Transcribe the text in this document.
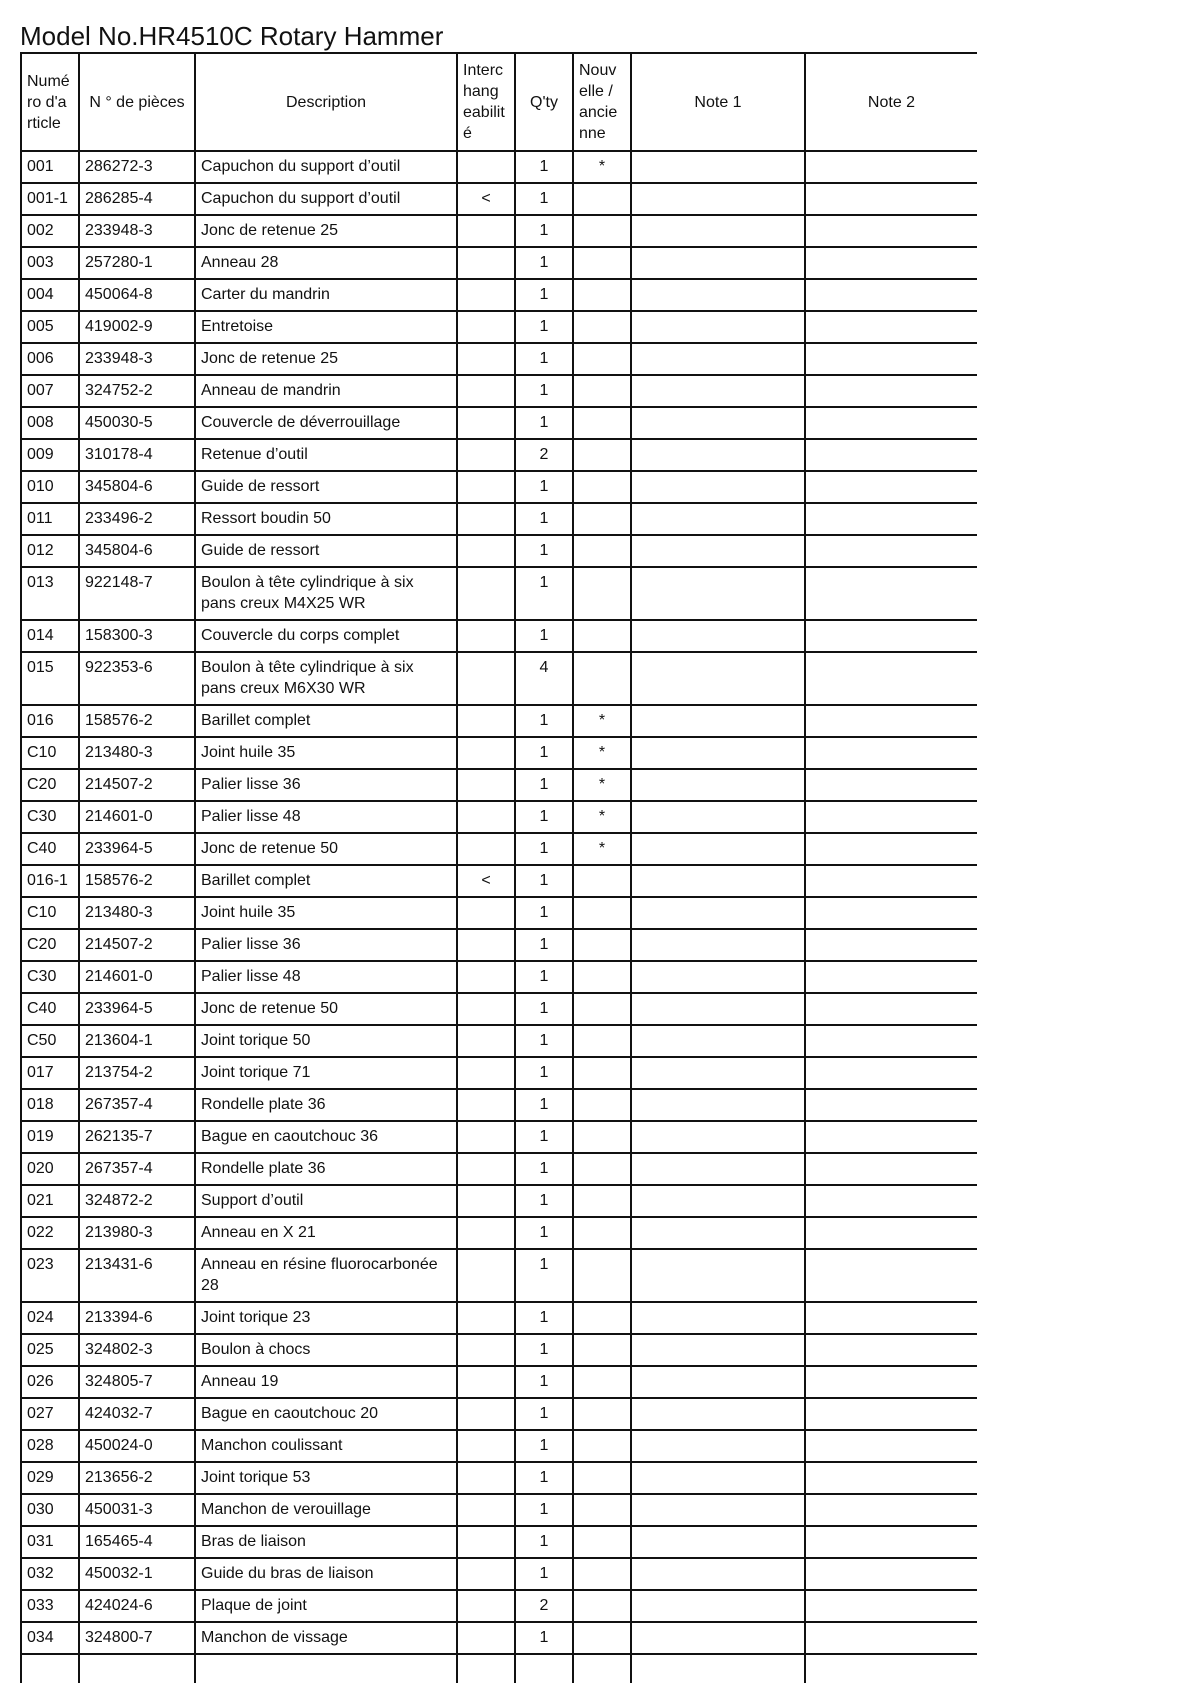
Model No.HR4510C Rotary Hammer
Numé ro d'a rticle	N ° de pièces	Description	Interc hang eabilit é	Q'ty	Nouv elle / ancie nne	Note 1	Note 2
001	286272-3	Capuchon du support d’outil		1	*		
001-1	286285-4	Capuchon du support d’outil	<	1			
002	233948-3	Jonc de retenue 25		1			
003	257280-1	Anneau 28		1			
004	450064-8	Carter du mandrin		1			
005	419002-9	Entretoise		1			
006	233948-3	Jonc de retenue 25		1			
007	324752-2	Anneau de mandrin		1			
008	450030-5	Couvercle de déverrouillage		1			
009	310178-4	Retenue d’outil		2			
010	345804-6	Guide de ressort		1			
011	233496-2	Ressort boudin 50		1			
012	345804-6	Guide de ressort		1			
013	922148-7	Boulon à tête cylindrique à six pans creux M4X25 WR		1			
014	158300-3	Couvercle du corps complet		1			
015	922353-6	Boulon à tête cylindrique à six pans creux M6X30 WR		4			
016	158576-2	Barillet complet		1	*		
C10	213480-3	Joint huile 35		1	*		
C20	214507-2	Palier lisse 36		1	*		
C30	214601-0	Palier lisse 48		1	*		
C40	233964-5	Jonc de retenue 50		1	*		
016-1	158576-2	Barillet complet	<	1			
C10	213480-3	Joint huile 35		1			
C20	214507-2	Palier lisse 36		1			
C30	214601-0	Palier lisse 48		1			
C40	233964-5	Jonc de retenue 50		1			
C50	213604-1	Joint torique 50		1			
017	213754-2	Joint torique 71		1			
018	267357-4	Rondelle plate 36		1			
019	262135-7	Bague en caoutchouc 36		1			
020	267357-4	Rondelle plate 36		1			
021	324872-2	Support d’outil		1			
022	213980-3	Anneau en X 21		1			
023	213431-6	Anneau en résine fluorocarbonée 28		1			
024	213394-6	Joint torique 23		1			
025	324802-3	Boulon à chocs		1			
026	324805-7	Anneau 19		1			
027	424032-7	Bague en caoutchouc 20		1			
028	450024-0	Manchon coulissant		1			
029	213656-2	Joint torique 53		1			
030	450031-3	Manchon de verouillage		1			
031	165465-4	Bras de liaison		1			
032	450032-1	Guide du bras de liaison		1			
033	424024-6	Plaque de joint		2			
034	324800-7	Manchon de vissage		1			
